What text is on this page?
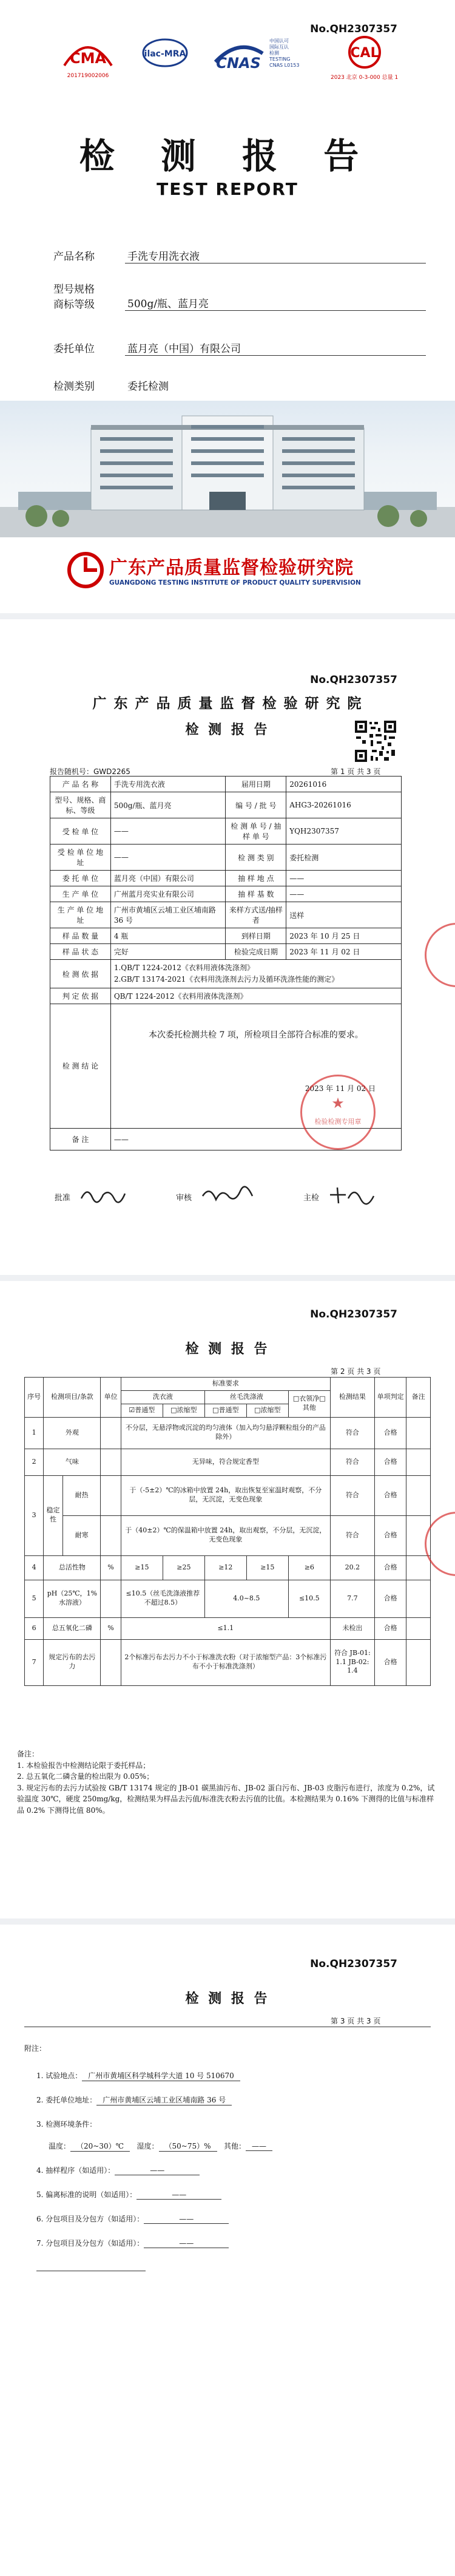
No.QH2307357
CMA
201719002006
ilac-MRA
CNAS
中国认可
国际互认
检测
TESTING
CNAS L0153
CAL
2023 北京 0-3-000 总量 1
检 测 报 告
TEST REPORT
产品名称	手洗专用洗衣液
型号规格
商标等级	500g/瓶、蓝月亮
委托单位	蓝月亮（中国）有限公司
检测类别	委托检测
广东产品质量监督检验研究院
GUANGDONG TESTING INSTITUTE OF PRODUCT QUALITY SUPERVISION
No.QH2307357
广 东 产 品 质 量 监 督 检 验 研 究 院
检 测 报 告
报告随机号：GWD2265	第 1 页 共 3 页
产 品 名 称	手洗专用洗衣液	届用日期	20261016
型号、规格、商标、等级	500g/瓶、蓝月亮	编 号 / 批 号	AHG3-20261016
受 检 单 位	——	检 测 单 号 / 抽 样 单 号	YQH2307357
受 检 单 位 地 址	——	检 测 类 别	委托检测
委 托 单 位	蓝月亮（中国）有限公司	抽 样 地 点	——
生 产 单 位	广州蓝月亮实业有限公司	抽 样 基 数	——
生 产 单 位 地 址	广州市黄埔区云埔工业区埔南路 36 号	来样方式送/抽样者	送样
样 品 数 量	4 瓶	到样日期	2023 年 10 月 25 日
样 品 状 态	完好	检验完成日期	2023 年 11 月 02 日
检 测 依 据	1.QB/T 1224-2012《衣料用液体洗涤剂》
2.GB/T 13174-2021《衣料用洗涤剂去污力及循环洗涤性能的测定》		

判 定 依 据	QB/T 1224-2012《衣料用液体洗涤剂》		
检 测 结 论	本次委托检测共检 7 项，所检项目全部符合标准的要求。
2023 年 11 月 02 日		

备 注	——		
★
检验检测专用章
批准	审核	主检
No.QH2307357
检 测 报 告
第 2 页 共 3 页
序号	检测项目/条款		单位	标准要求					检测结果	单项判定	备注
				洗衣液		丝毛洗涤液		□衣领净□其他			
				☑普通型	□浓缩型	□普通型	□浓缩型				
1	外观			不分层，无悬浮物或沉淀的均匀液体（加入均匀悬浮颗粒组分的产品除外）					符合	合格	
2	气味			无异味，符合规定香型					符合	合格	
3	稳定性	耐热		于（-5±2）℃的冰箱中放置 24h，取出恢复至室温时观察，不分层，无沉淀，无变色现象					符合	合格	
		耐寒		于（40±2）℃的保温箱中放置 24h，取出观察，不分层，无沉淀，无变色现象					符合	合格	
4	总活性物		%	≥15	≥25	≥12	≥15	≥6	20.2	合格	
5	pH（25℃，1%水溶液）			≤10.5（丝毛洗涤液推荐不超过8.5）		4.0~8.5		≤10.5	7.7	合格	
6	总五氧化二磷		%	≤1.1					未检出	合格	
7	规定污布的去污力			2个标准污布去污力不小于标准洗衣粉（对于浓缩型产品：3个标准污布不小于标准洗涤剂）					符合 JB-01: 1.1 JB-02: 1.4	合格	
备注：
1. 本检验报告中检测结论限于委托样品；
2. 总五氧化二磷含量的检出限为 0.05%；
3. 规定污布的去污力试验按 GB/T 13174 规定的 JB-01 碳黑油污布、JB-02 蛋白污布、JB-03 皮脂污布进行，浓度为 0.2%，试验温度 30℃，硬度 250mg/kg，检测结果为样品去污值/标准洗衣粉去污值的比值。本检测结果为 0.16% 下测得的比值与标准样品 0.2% 下测得比值 80%。
No.QH2307357
检 测 报 告
第 3 页 共 3 页
附注：
1. 试验地点： 广州市黄埔区科学城科学大道 10 号 510670
2. 委托单位地址： 广州市黄埔区云埔工业区埔南路 36 号
3. 检测环境条件：
温度： （20~30）℃ 湿度： （50~75）% 其他： ——
4. 抽样程序（如适用）：	——
5. 偏离标准的说明（如适用）：	——
6. 分包项目及分包方（如适用）：	——
7. 分包项目及分包方（如适用）：	——
